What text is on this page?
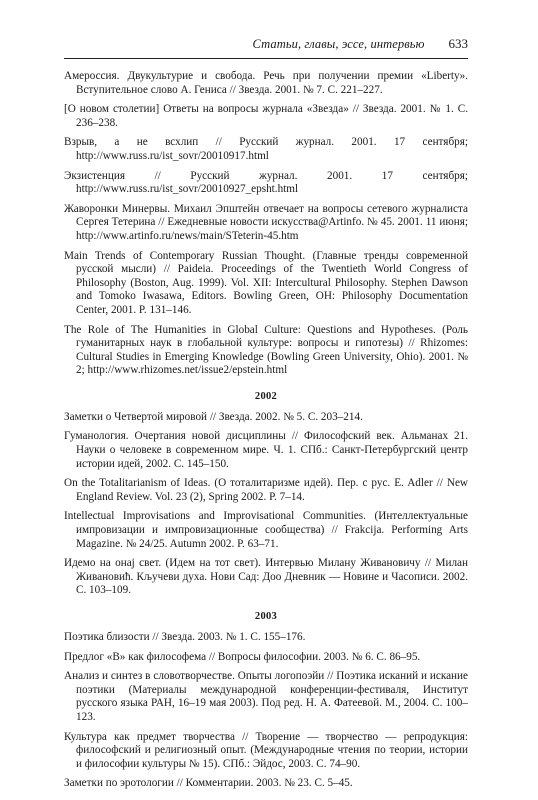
Статьи, главы, эссе, интервью 633

Амероссия. Двукультурие и свобода. Речь при получении премии «Liberty». Вступительное слово А. Гениса // Звезда. 2001. № 7. С. 221–227.

[О новом столетии] Ответы на вопросы журнала «Звезда» // Звезда. 2001. № 1. С. 236–238.

Взрыв, а не всхлип // Русский журнал. 2001. 17 сентября; http://www.russ.ru/ist_sovr/20010917.html

Экзистенция // Русский журнал. 2001. 17 сентября; http://www.russ.ru/ist_sovr/20010927_epsht.html

Жаворонки Минервы. Михаил Эпштейн отвечает на вопросы сетевого журналиста Сергея Тетерина // Ежедневные новости искусства@Artinfo. № 45. 2001. 11 июня; http://www.artinfo.ru/news/main/STeterin-45.htm

Main Trends of Contemporary Russian Thought. (Главные тренды современной русской мысли) // Paideia. Proceedings of the Twentieth World Congress of Philosophy (Boston, Aug. 1999). Vol. XII: Intercultural Philosophy. Stephen Dawson and Tomoko Iwasawa, Editors. Bowling Green, OH: Philosophy Documentation Center, 2001. P. 131–146.

The Role of The Humanities in Global Culture: Questions and Hypotheses. (Роль гуманитарных наук в глобальной культуре: вопросы и гипотезы) // Rhizomes: Cultural Studies in Emerging Knowledge (Bowling Green University, Ohio). 2001. № 2; http://www.rhizomes.net/issue2/epstein.html

2002

Заметки о Четвертой мировой // Звезда. 2002. № 5. С. 203–214.

Гуманология. Очертания новой дисциплины // Философский век. Альманах 21. Науки о человеке в современном мире. Ч. 1. СПб.: Санкт-Петербургский центр истории идей, 2002. С. 145–150.

On the Totalitarianism of Ideas. (О тоталитаризме идей). Пер. с рус. E. Adler // New England Review. Vol. 23 (2), Spring 2002. P. 7–14.

Intellectual Improvisations and Improvisational Communities. (Интеллектуальные импровизации и импровизационные сообщества) // Frakcija. Performing Arts Magazine. № 24/25. Autumn 2002. P. 63–71.

Идемо на онај свет. (Идем на тот свет). Интервью Милану Живановичу // Милан Живановић. Кључеви духа. Нови Сад: Доо Дневник — Новине и Часописи. 2002. С. 103–109.

2003

Поэтика близости // Звезда. 2003. № 1. С. 155–176.

Предлог «В» как философема // Вопросы философии. 2003. № 6. С. 86–95.

Анализ и синтез в словотворчестве. Опыты логопоэйи // Поэтика исканий и искание поэтики (Материалы международной конференции-фестиваля, Институт русского языка РАН, 16–19 мая 2003). Под ред. Н. А. Фатеевой. М., 2004. С. 100–123.

Культура как предмет творчества // Творение — творчество — репродукция: философский и религиозный опыт. (Международные чтения по теории, истории и философии культуры № 15). СПб.: Эйдос, 2003. С. 74–90.

Заметки по эротологии // Комментарии. 2003. № 23. С. 5–45.
